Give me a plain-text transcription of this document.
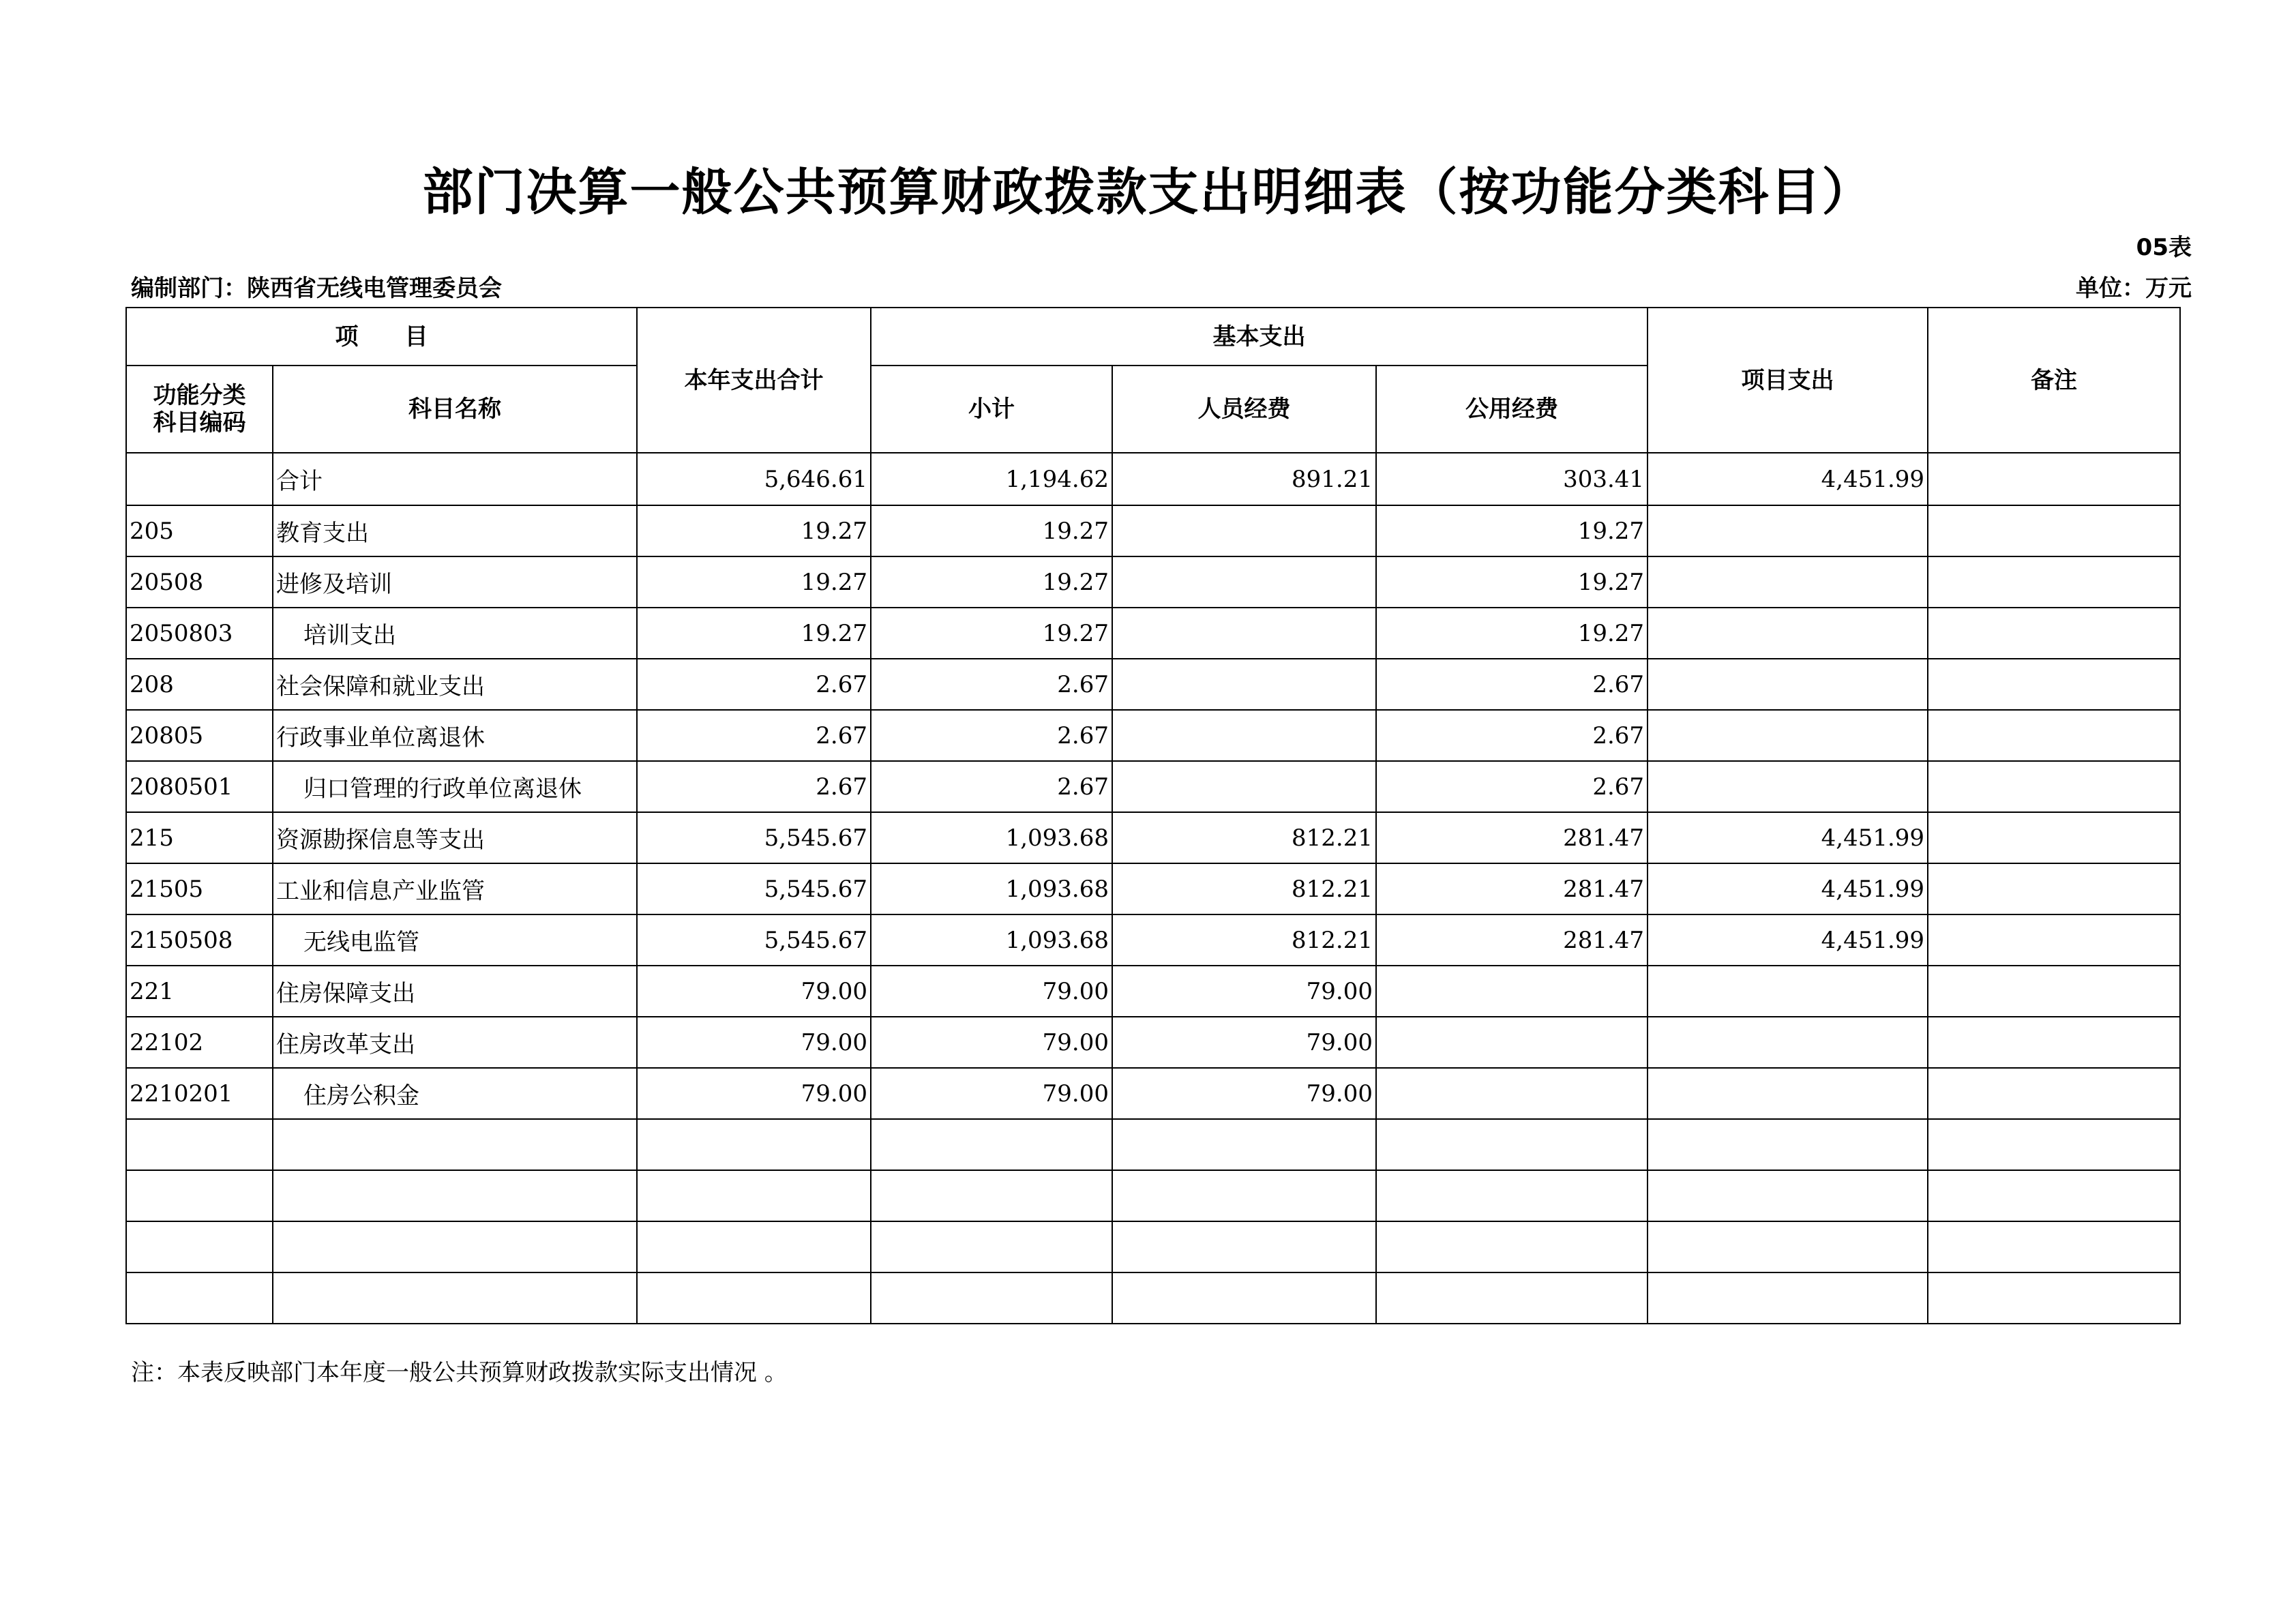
部门决算一般公共预算财政拨款支出明细表（按功能分类科目）
05表
编制部门：陕西省无线电管理委员会	单位：万元
项　　目		本年支出合计	基本支出			项目支出	备注
功能分类
科目编码	科目名称		小计	人员经费	公用经费		
	合计	5,646.61	1,194.62	891.21	303.41	4,451.99	
205	教育支出	19.27	19.27		19.27		
20508	进修及培训	19.27	19.27		19.27		
2050803	培训支出	19.27	19.27		19.27		
208	社会保障和就业支出	2.67	2.67		2.67		
20805	行政事业单位离退休	2.67	2.67		2.67		
2080501	归口管理的行政单位离退休	2.67	2.67		2.67		
215	资源勘探信息等支出	5,545.67	1,093.68	812.21	281.47	4,451.99	
21505	工业和信息产业监管	5,545.67	1,093.68	812.21	281.47	4,451.99	
2150508	无线电监管	5,545.67	1,093.68	812.21	281.47	4,451.99	
221	住房保障支出	79.00	79.00	79.00			
22102	住房改革支出	79.00	79.00	79.00			
2210201	住房公积金	79.00	79.00	79.00			

注：本表反映部门本年度一般公共预算财政拨款实际支出情况 。
